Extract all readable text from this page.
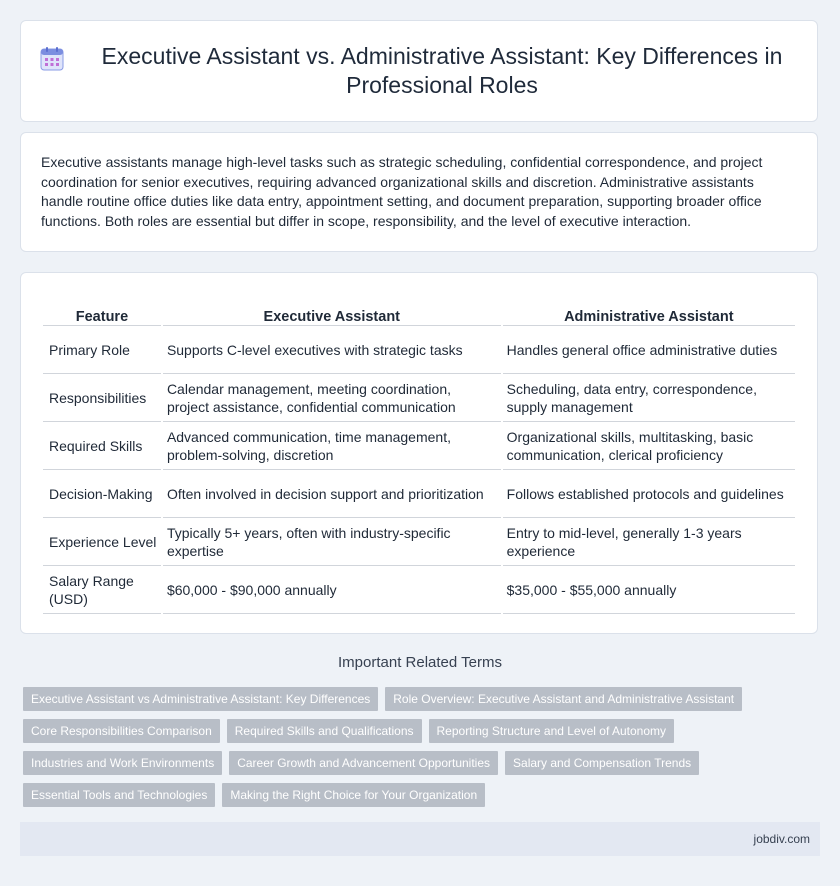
Executive Assistant vs. Administrative Assistant: Key Differences in Professional Roles

Executive assistants manage high-level tasks such as strategic scheduling, confidential correspondence, and project coordination for senior executives, requiring advanced organizational skills and discretion. Administrative assistants handle routine office duties like data entry, appointment setting, and document preparation, supporting broader office functions. Both roles are essential but differ in scope, responsibility, and the level of executive interaction.

Feature	Executive Assistant	Administrative Assistant
Primary Role	Supports C-level executives with strategic tasks	Handles general office administrative duties
Responsibilities	Calendar management, meeting coordination, project assistance, confidential communication	Scheduling, data entry, correspondence, supply management
Required Skills	Advanced communication, time management, problem-solving, discretion	Organizational skills, multitasking, basic communication, clerical proficiency
Decision-Making	Often involved in decision support and prioritization	Follows established protocols and guidelines
Experience Level	Typically 5+ years, often with industry-specific expertise	Entry to mid-level, generally 1-3 years experience
Salary Range (USD)	$60,000 - $90,000 annually	$35,000 - $55,000 annually
Important Related Terms
Executive Assistant vs Administrative Assistant: Key Differences	Role Overview: Executive Assistant and Administrative Assistant
Core Responsibilities Comparison	Required Skills and Qualifications	Reporting Structure and Level of Autonomy
Industries and Work Environments	Career Growth and Advancement Opportunities	Salary and Compensation Trends
Essential Tools and Technologies	Making the Right Choice for Your Organization
jobdiv.com
